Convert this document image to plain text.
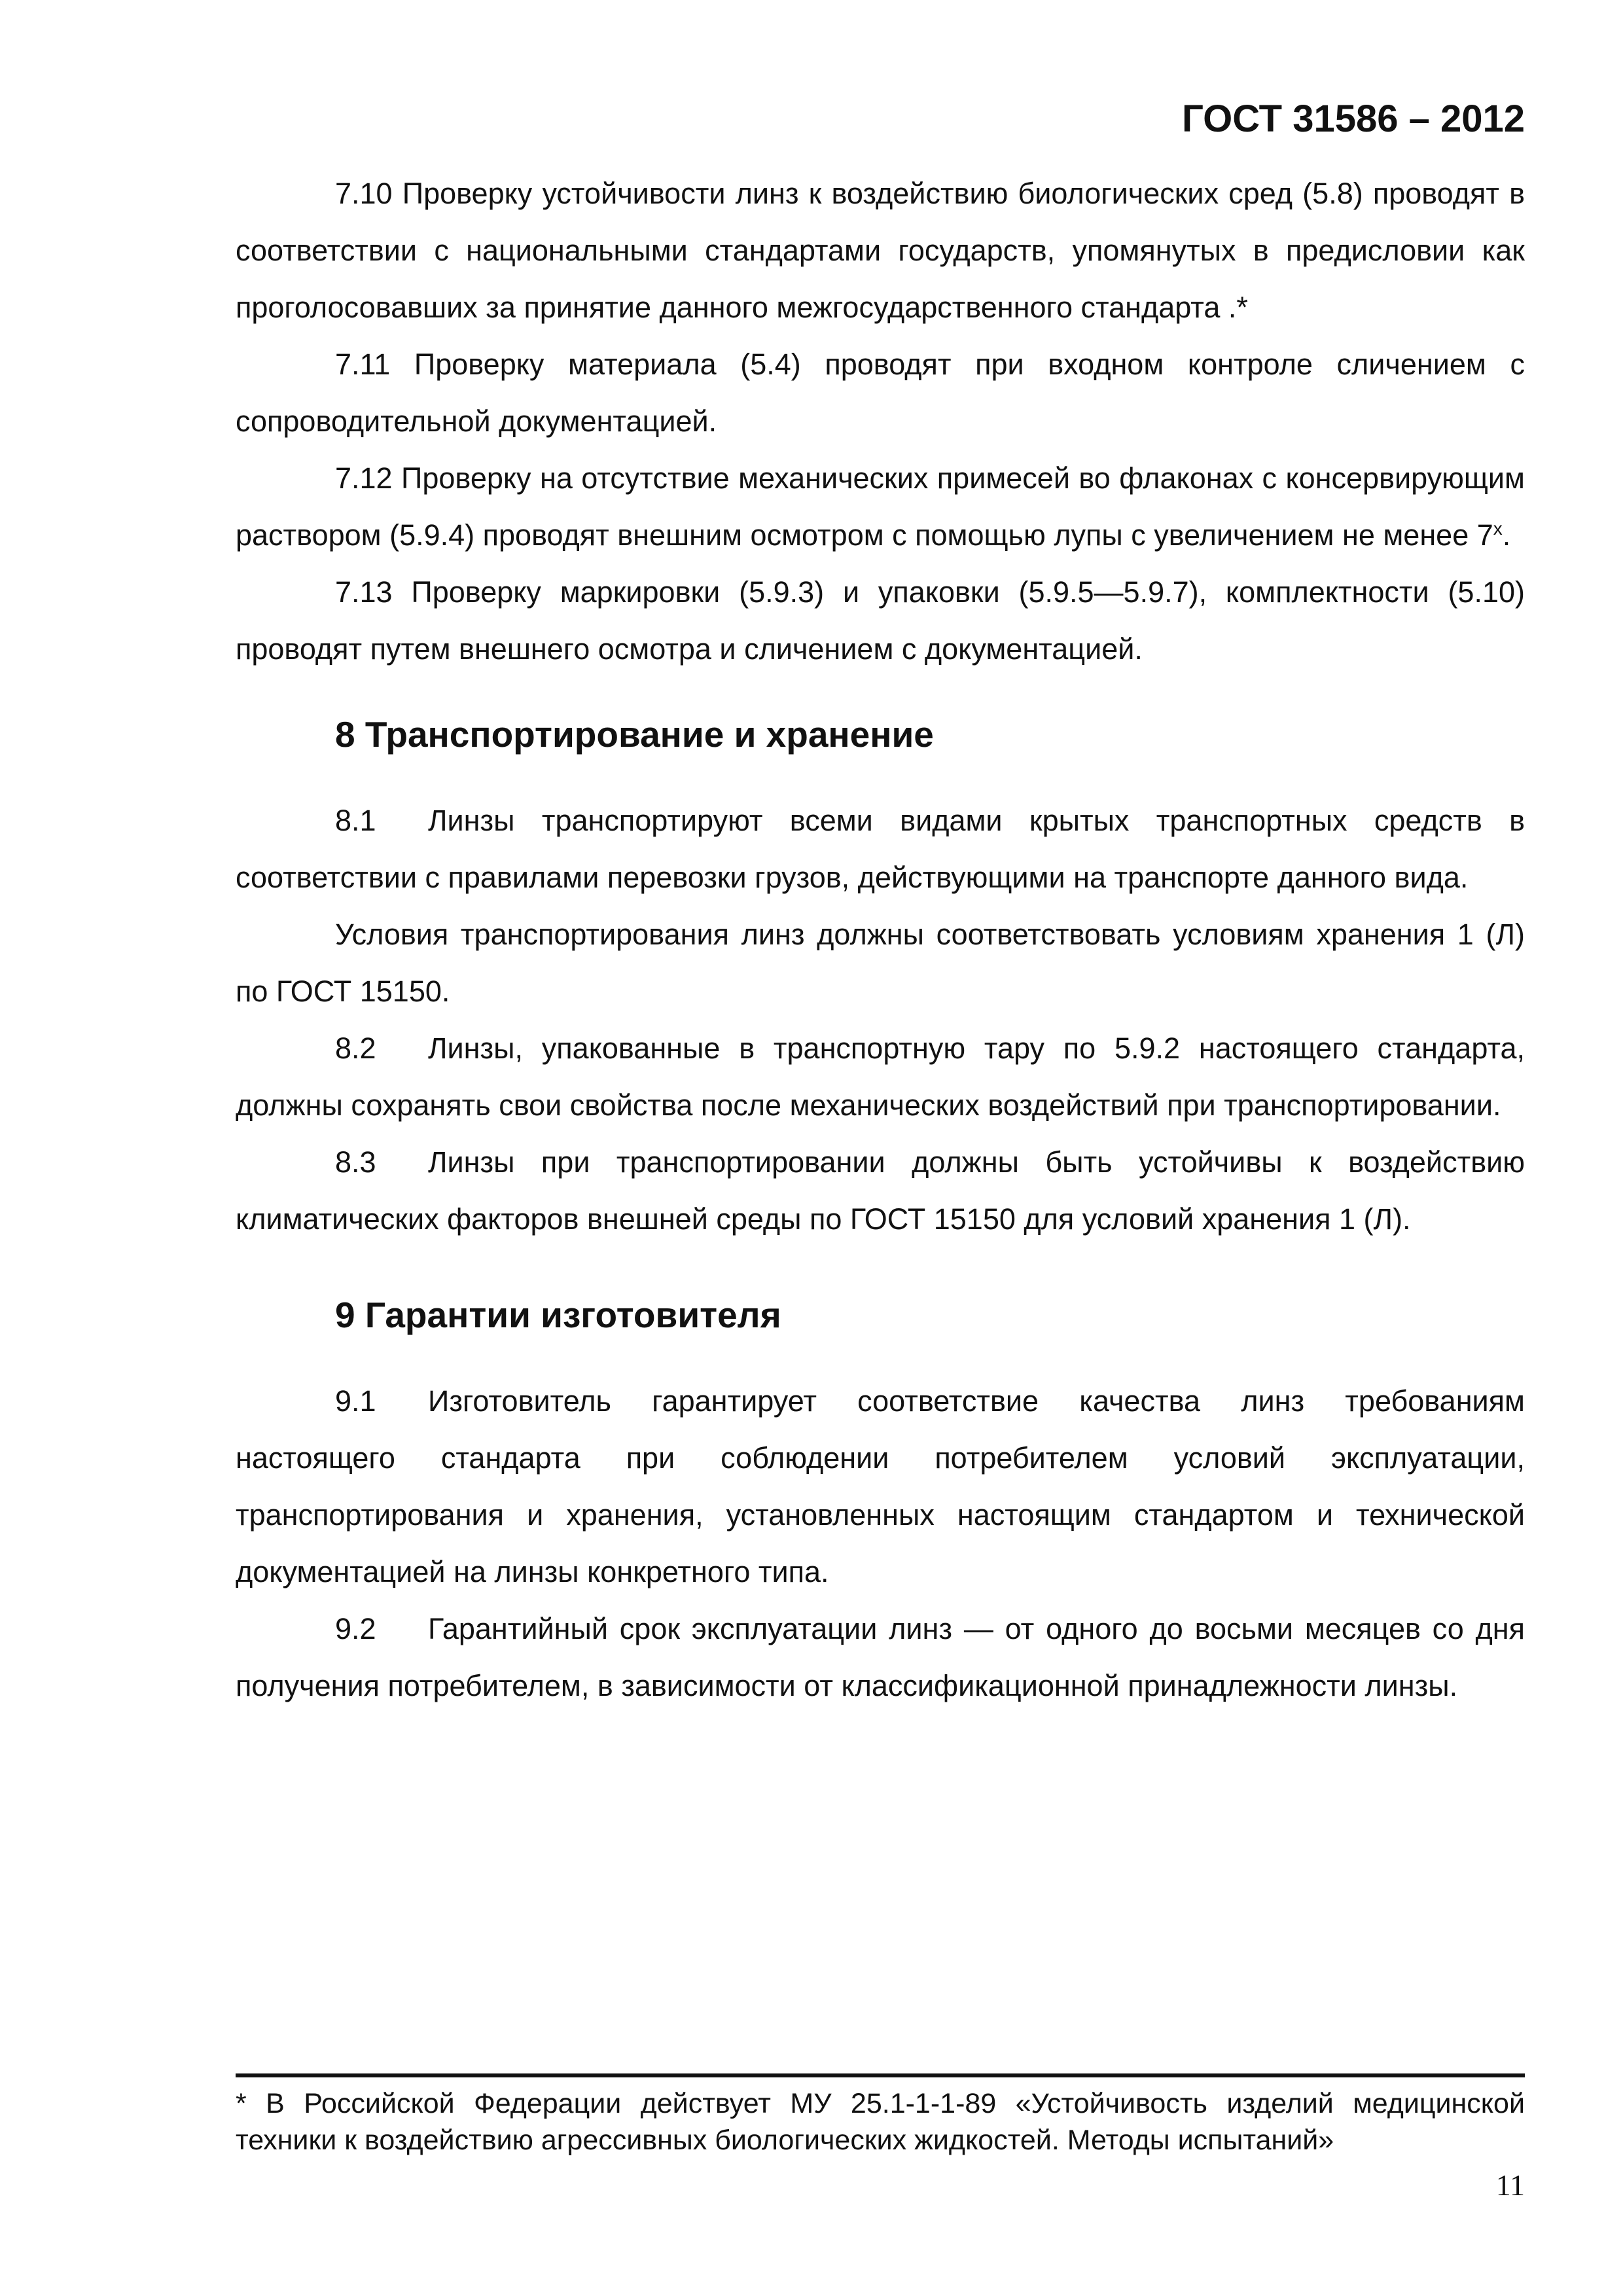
ГОСТ 31586 – 2012

7.10 Проверку устойчивости линз к воздействию биологических сред (5.8) проводят в соответствии с национальными стандартами государств, упомянутых в предисловии как проголосовавших за принятие данного межгосударственного стандарта .*

7.11 Проверку материала (5.4) проводят при входном контроле сличением с сопроводительной документацией.

7.12 Проверку на отсутствие механических примесей во флаконах с консервирующим раствором (5.9.4) проводят внешним осмотром с помощью лупы с увеличением не менее 7$^x$.

7.13 Проверку маркировки (5.9.3) и упаковки (5.9.5—5.9.7), комплектности (5.10) проводят путем внешнего осмотра и сличением с документацией.

8 Транспортирование и хранение

8.1 Линзы транспортируют всеми видами крытых транспортных средств в соответствии с правилами перевозки грузов, действующими на транспорте данного вида.

Условия транспортирования линз должны соответствовать условиям хранения 1 (Л) по ГОСТ 15150.

8.2 Линзы, упакованные в транспортную тару по 5.9.2 настоящего стандарта, должны сохранять свои свойства после механических воздействий при транспортировании.

8.3 Линзы при транспортировании должны быть устойчивы к воздействию климатических факторов внешней среды по ГОСТ 15150 для условий хранения 1 (Л).

9 Гарантии изготовителя

9.1 Изготовитель гарантирует соответствие качества линз требованиям настоящего стандарта при соблюдении потребителем условий эксплуатации, транспортирования и хранения, установленных настоящим стандартом и технической документацией на линзы конкретного типа.

9.2 Гарантийный срок эксплуатации линз — от одного до восьми месяцев со дня получения потребителем, в зависимости от классификационной принадлежности линзы.

* В Российской Федерации действует МУ 25.1-1-1-89 «Устойчивость изделий медицинской техники к воздействию агрессивных биологических жидкостей. Методы испытаний»
11
